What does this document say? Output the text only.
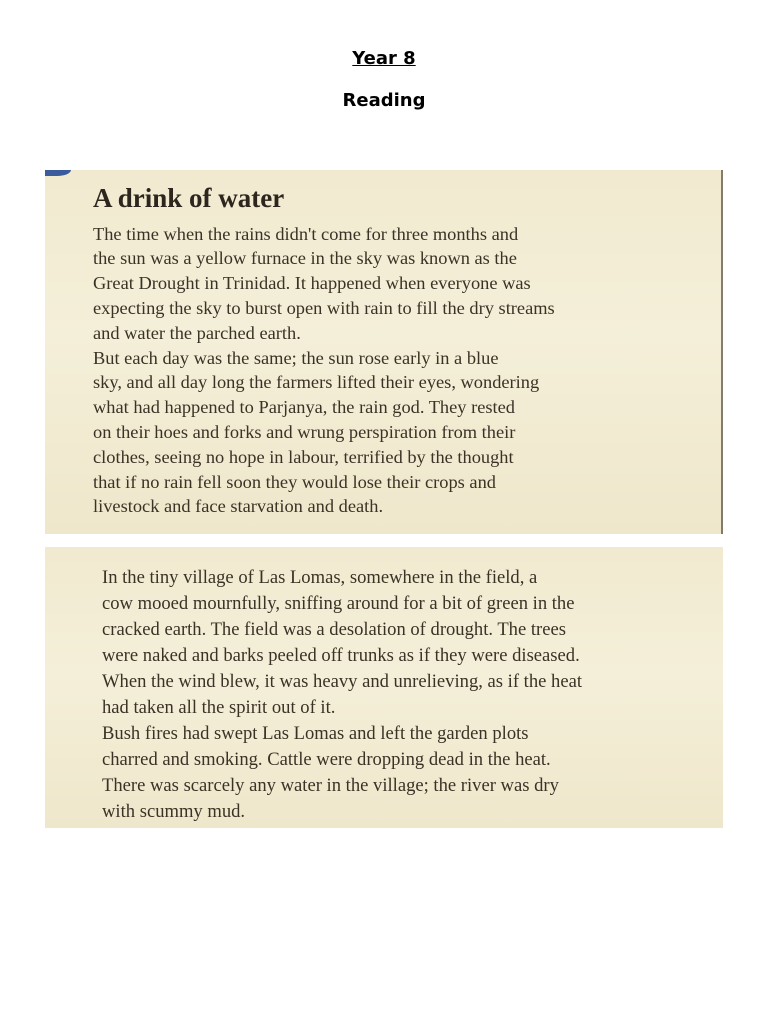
Year 8
Reading
A drink of water

The time when the rains didn't come for three months and
the sun was a yellow furnace in the sky was known as the
Great Drought in Trinidad. It happened when everyone was
expecting the sky to burst open with rain to fill the dry streams
and water the parched earth.

But each day was the same; the sun rose early in a blue
sky, and all day long the farmers lifted their eyes, wondering
what had happened to Parjanya, the rain god. They rested
on their hoes and forks and wrung perspiration from their
clothes, seeing no hope in labour, terrified by the thought
that if no rain fell soon they would lose their crops and
livestock and face starvation and death.

In the tiny village of Las Lomas, somewhere in the field, a
cow mooed mournfully, sniffing around for a bit of green in the
cracked earth. The field was a desolation of drought. The trees
were naked and barks peeled off trunks as if they were diseased.
When the wind blew, it was heavy and unrelieving, as if the heat
had taken all the spirit out of it.

Bush fires had swept Las Lomas and left the garden plots
charred and smoking. Cattle were dropping dead in the heat.
There was scarcely any water in the village; the river was dry
with scummy mud.
